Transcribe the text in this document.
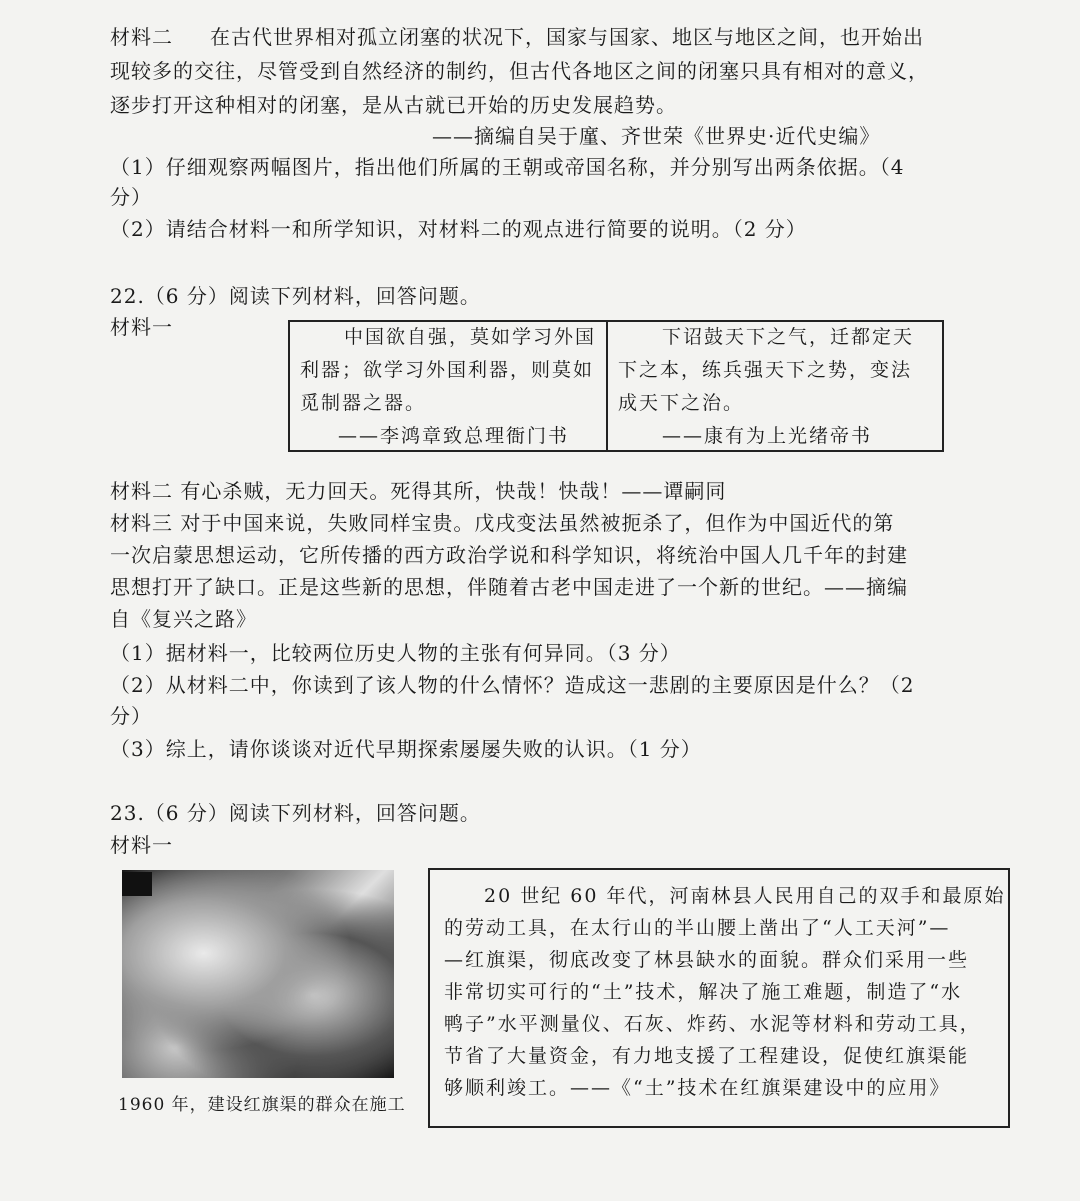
材料二 在古代世界相对孤立闭塞的状况下，国家与国家、地区与地区之间，也开始出
现较多的交往，尽管受到自然经济的制约，但古代各地区之间的闭塞只具有相对的意义，
逐步打开这种相对的闭塞，是从古就已开始的历史发展趋势。
——摘编自吴于廑、齐世荣《世界史·近代史编》
（1）仔细观察两幅图片，指出他们所属的王朝或帝国名称，并分别写出两条依据。（4
分）
（2）请结合材料一和所学知识，对材料二的观点进行简要的说明。（2 分）
22.（6 分）阅读下列材料，回答问题。
材料一	中国欲自强，莫如学习外国

利器；欲学习外国利器，则莫如

觅制器之器。

——李鸿章致总理衙门书

下诏鼓天下之气，迁都定天

下之本，练兵强天下之势，变法

成天下之治。

——康有为上光绪帝书

材料二 有心杀贼，无力回天。死得其所，快哉！快哉！——谭嗣同
材料三 对于中国来说，失败同样宝贵。戊戌变法虽然被扼杀了，但作为中国近代的第
一次启蒙思想运动，它所传播的西方政治学说和科学知识，将统治中国人几千年的封建
思想打开了缺口。正是这些新的思想，伴随着古老中国走进了一个新的世纪。——摘编
自《复兴之路》
（1）据材料一，比较两位历史人物的主张有何异同。（3 分）
（2）从材料二中，你读到了该人物的什么情怀？造成这一悲剧的主要原因是什么？（2
分）
（3）综上，请你谈谈对近代早期探索屡屡失败的认识。（1 分）
23.（6 分）阅读下列材料，回答问题。
材料一
1960 年，建设红旗渠的群众在施工

20 世纪 60 年代，河南林县人民用自己的双手和最原始

的劳动工具，在太行山的半山腰上凿出了“人工天河”—

—红旗渠，彻底改变了林县缺水的面貌。群众们采用一些

非常切实可行的“土”技术，解决了施工难题，制造了“水

鸭子”水平测量仪、石灰、炸药、水泥等材料和劳动工具，

节省了大量资金，有力地支援了工程建设，促使红旗渠能

够顺利竣工。——《“土”技术在红旗渠建设中的应用》
